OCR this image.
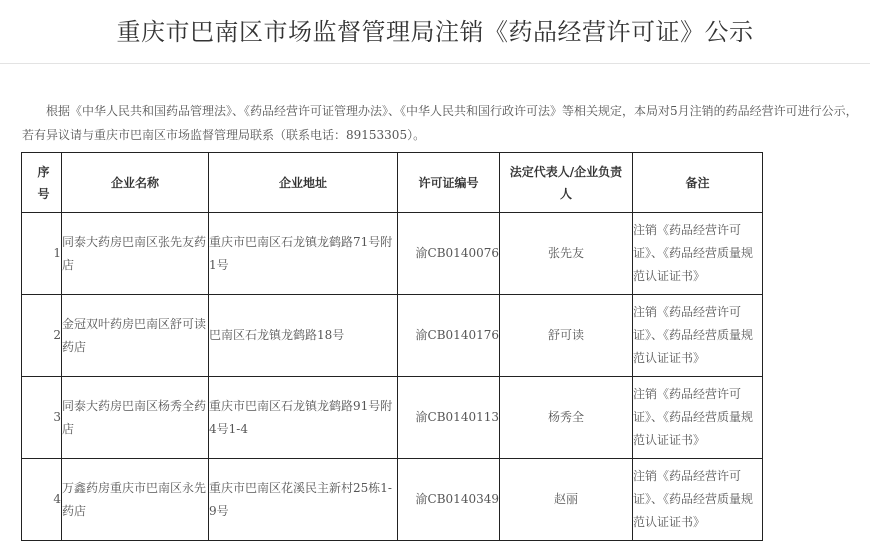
重庆市巴南区市场监督管理局注销《药品经营许可证》公示

根据《中华人民共和国药品管理法》、《药品经营许可证管理办法》、《中华人民共和国行政许可法》等相关规定，本局对5月注销的药品经营许可进行公示，若有异议请与重庆市巴南区市场监督管理局联系（联系电话：89153305）。

序号	企业名称	企业地址	许可证编号	法定代表人/企业负责人	备注
1	同泰大药房巴南区张先友药店	重庆市巴南区石龙镇龙鹤路71号附1号	渝CB0140076	张先友	注销《药品经营许可证》、《药品经营质量规范认证证书》
2	金冠双叶药房巴南区舒可读药店	巴南区石龙镇龙鹤路18号	渝CB0140176	舒可读	注销《药品经营许可证》、《药品经营质量规范认证证书》
3	同泰大药房巴南区杨秀全药店	重庆市巴南区石龙镇龙鹤路91号附4号1-4	渝CB0140113	杨秀全	注销《药品经营许可证》、《药品经营质量规范认证证书》
4	万鑫药房重庆市巴南区永先药店	重庆市巴南区花溪民主新村25栋1-9号	渝CB0140349	赵丽	注销《药品经营许可证》、《药品经营质量规范认证证书》
